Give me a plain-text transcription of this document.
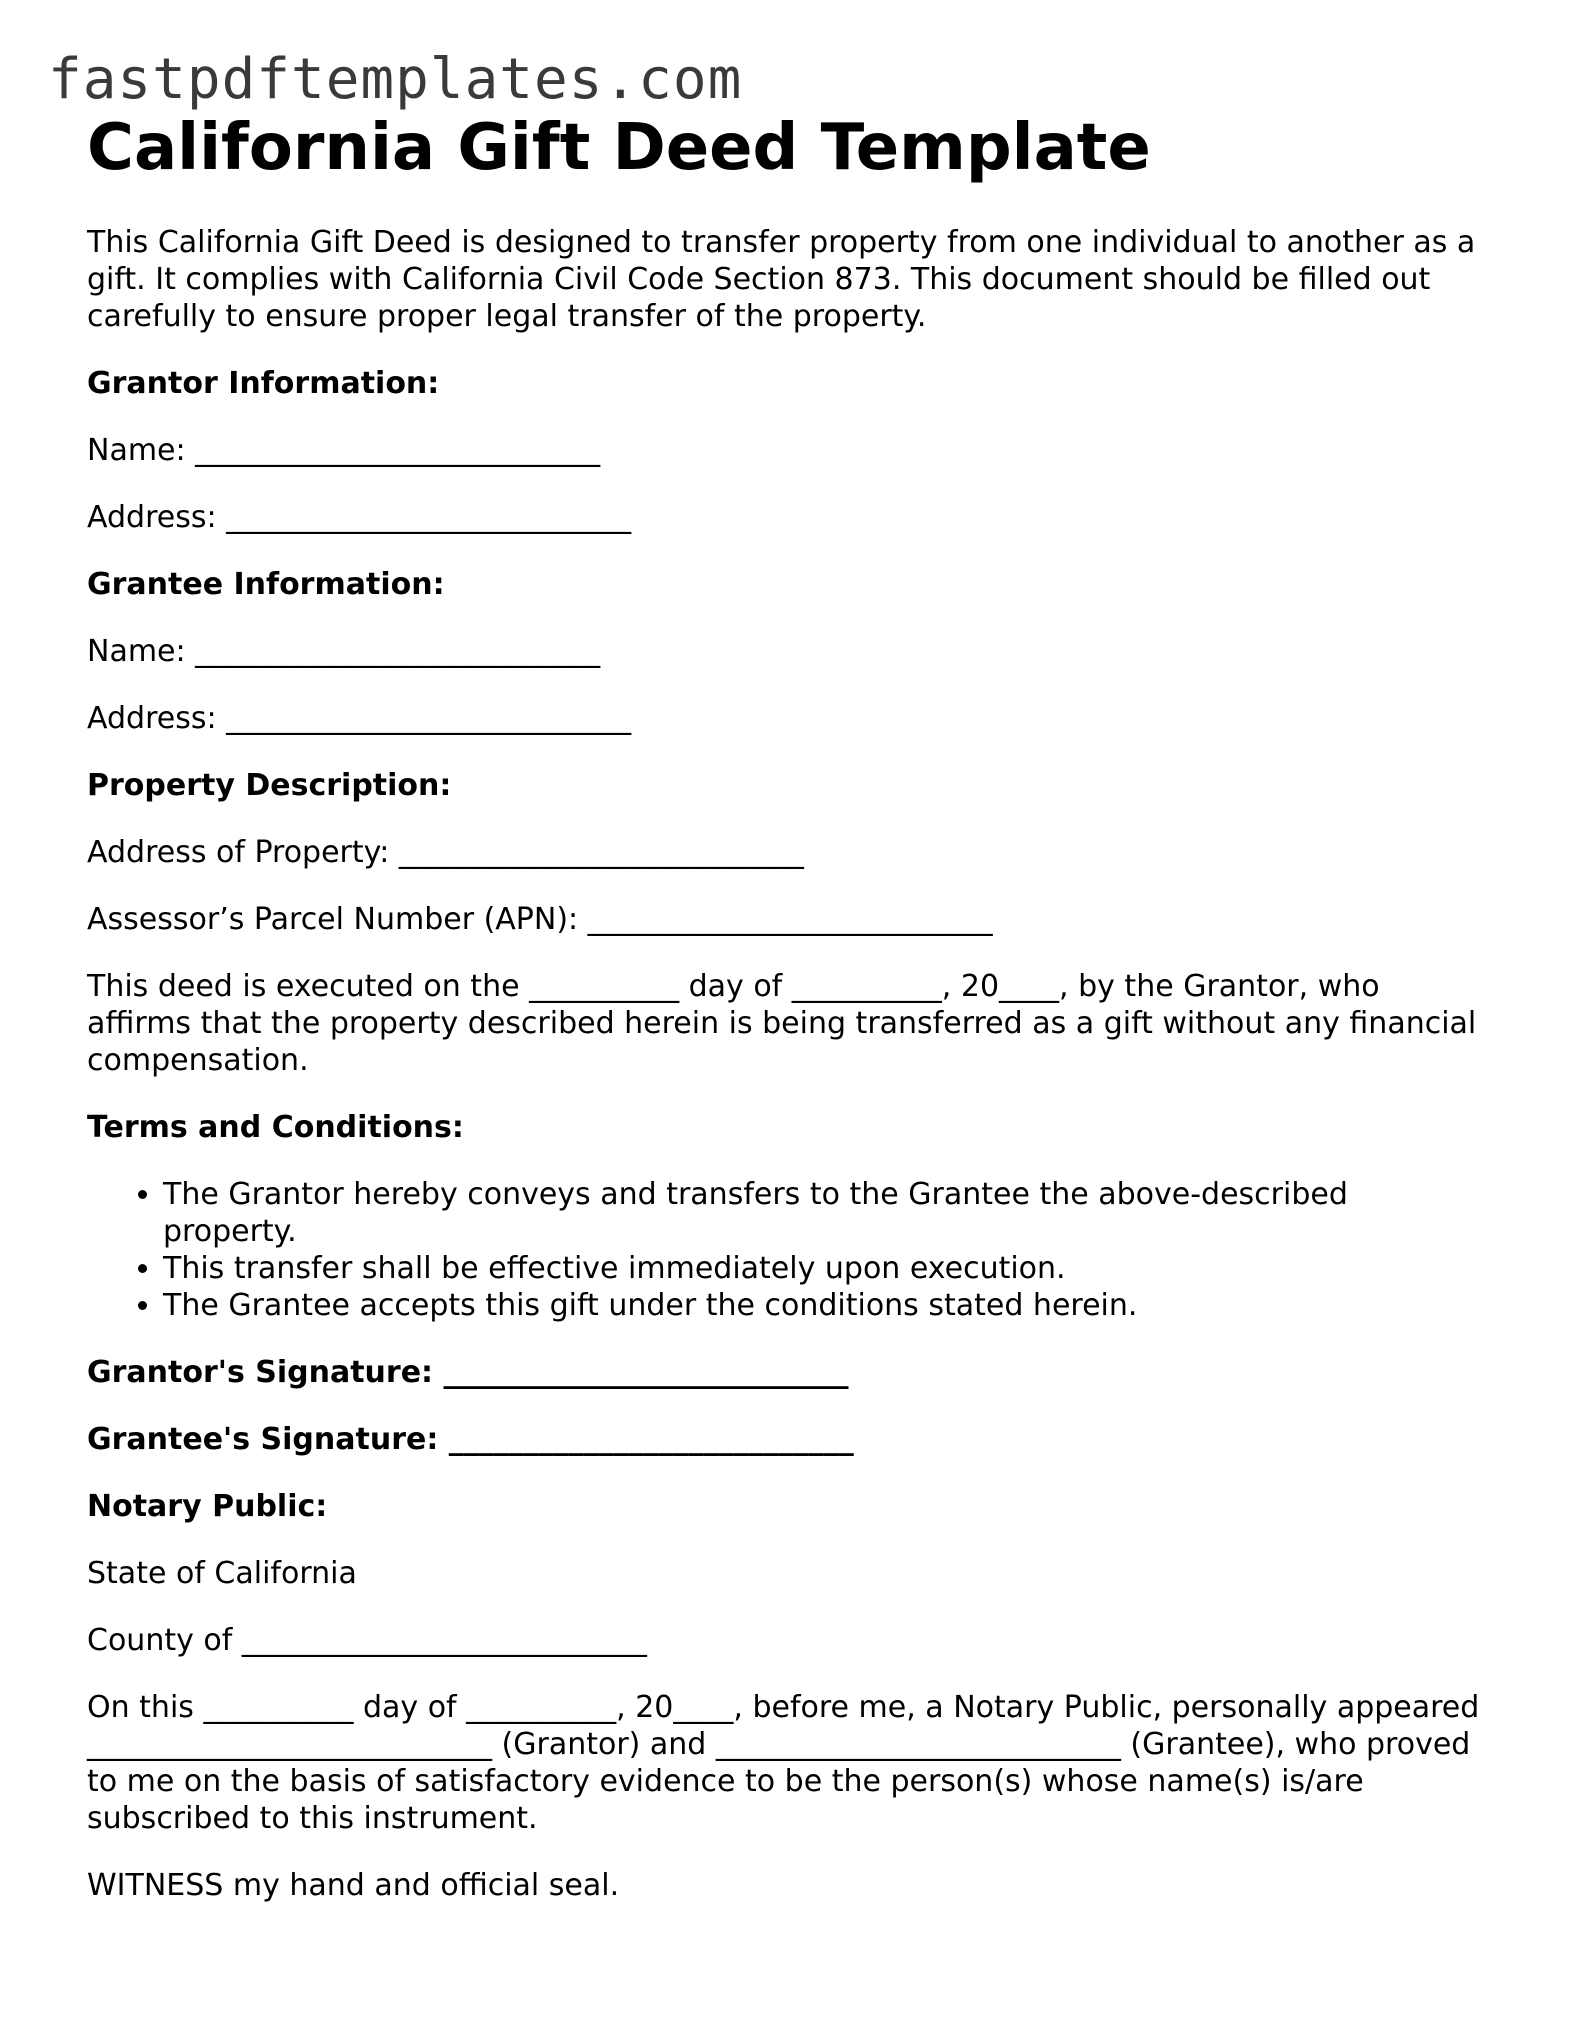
fastpdftemplates.com
California Gift Deed Template

This California Gift Deed is designed to transfer property from one individual to another as a gift. It complies with California Civil Code Section 873. This document should be filled out carefully to ensure proper legal transfer of the property.

Grantor Information:

Name: ___________________________

Address: ___________________________

Grantee Information:

Name: ___________________________

Address: ___________________________

Property Description:

Address of Property: ___________________________

Assessor’s Parcel Number (APN): ___________________________

This deed is executed on the __________ day of __________, 20____, by the Grantor, who affirms that the property described herein is being transferred as a gift without any financial compensation.

Terms and Conditions:

• The Grantor hereby conveys and transfers to the Grantee the above-described property.
• This transfer shall be effective immediately upon execution.
• The Grantee accepts this gift under the conditions stated herein.

Grantor's Signature: ___________________________

Grantee's Signature: ___________________________

Notary Public:

State of California

County of ___________________________

On this __________ day of __________, 20____, before me, a Notary Public, personally appeared ___________________________ (Grantor) and ___________________________ (Grantee), who proved to me on the basis of satisfactory evidence to be the person(s) whose name(s) is/are subscribed to this instrument.

WITNESS my hand and official seal.
